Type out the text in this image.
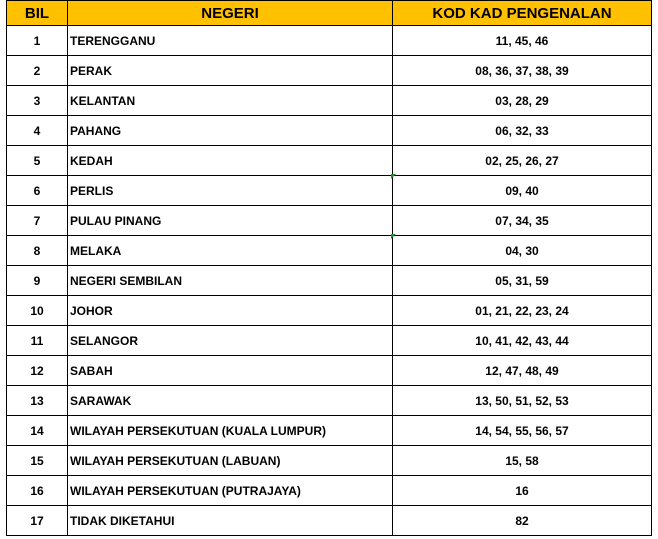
BIL	NEGERI	KOD KAD PENGENALAN
1	TERENGGANU	11, 45, 46
2	PERAK	08, 36, 37, 38, 39
3	KELANTAN	03, 28, 29
4	PAHANG	06, 32, 33
5	KEDAH	02, 25, 26, 27
6	PERLIS	09, 40
7	PULAU PINANG	07, 34, 35
8	MELAKA	04, 30
9	NEGERI SEMBILAN	05, 31, 59
10	JOHOR	01, 21, 22, 23, 24
11	SELANGOR	10, 41, 42, 43, 44
12	SABAH	12, 47, 48, 49
13	SARAWAK	13, 50, 51, 52, 53
14	WILAYAH PERSEKUTUAN (KUALA LUMPUR)	14, 54, 55, 56, 57
15	WILAYAH PERSEKUTUAN (LABUAN)	15, 58
16	WILAYAH PERSEKUTUAN (PUTRAJAYA)	16
17	TIDAK DIKETAHUI	82
